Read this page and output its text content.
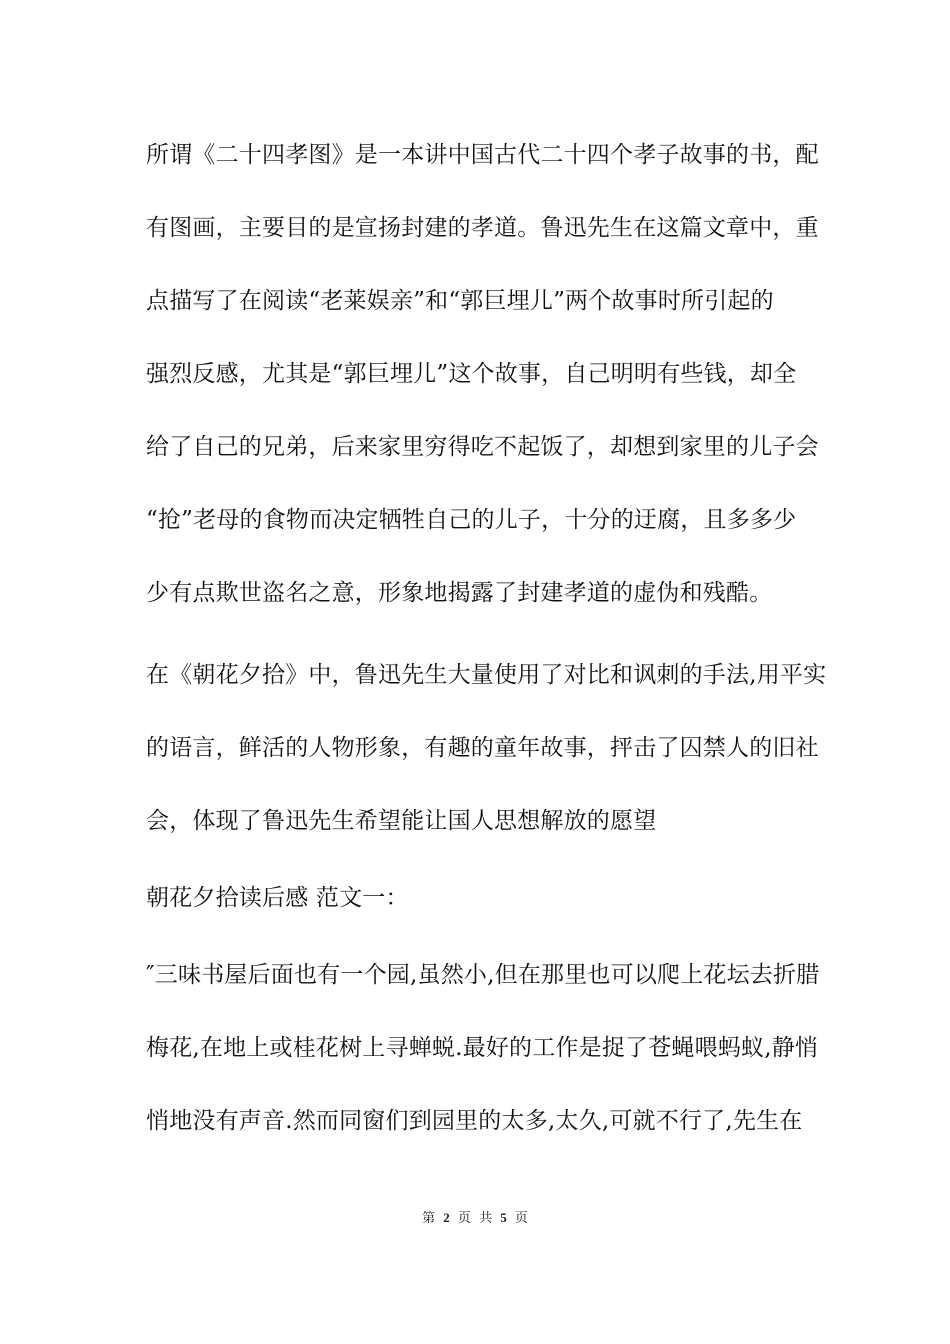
所谓《二十四孝图》是一本讲中国古代二十四个孝子故事的书，配
有图画，主要目的是宣扬封建的孝道。鲁迅先生在这篇文章中，重
点描写了在阅读“老莱娱亲”和“郭巨埋儿”两个故事时所引起的
强烈反感，尤其是“郭巨埋儿”这个故事，自己明明有些钱，却全
给了自己的兄弟，后来家里穷得吃不起饭了，却想到家里的儿子会
“抢”老母的食物而决定牺牲自己的儿子，十分的迂腐，且多多少
少有点欺世盗名之意，形象地揭露了封建孝道的虚伪和残酷。
在《朝花夕拾》中，鲁迅先生大量使用了对比和讽刺的手法,用平实
的语言，鲜活的人物形象，有趣的童年故事，抨击了囚禁人的旧社
会，体现了鲁迅先生希望能让国人思想解放的愿望
朝花夕拾读后感 范文一：
″三味书屋后面也有一个园,虽然小,但在那里也可以爬上花坛去折腊
梅花,在地上或桂花树上寻蝉蜕.最好的工作是捉了苍蝇喂蚂蚁,静悄
悄地没有声音.然而同窗们到园里的太多,太久,可就不行了,先生在
第 2 页 共 5 页
